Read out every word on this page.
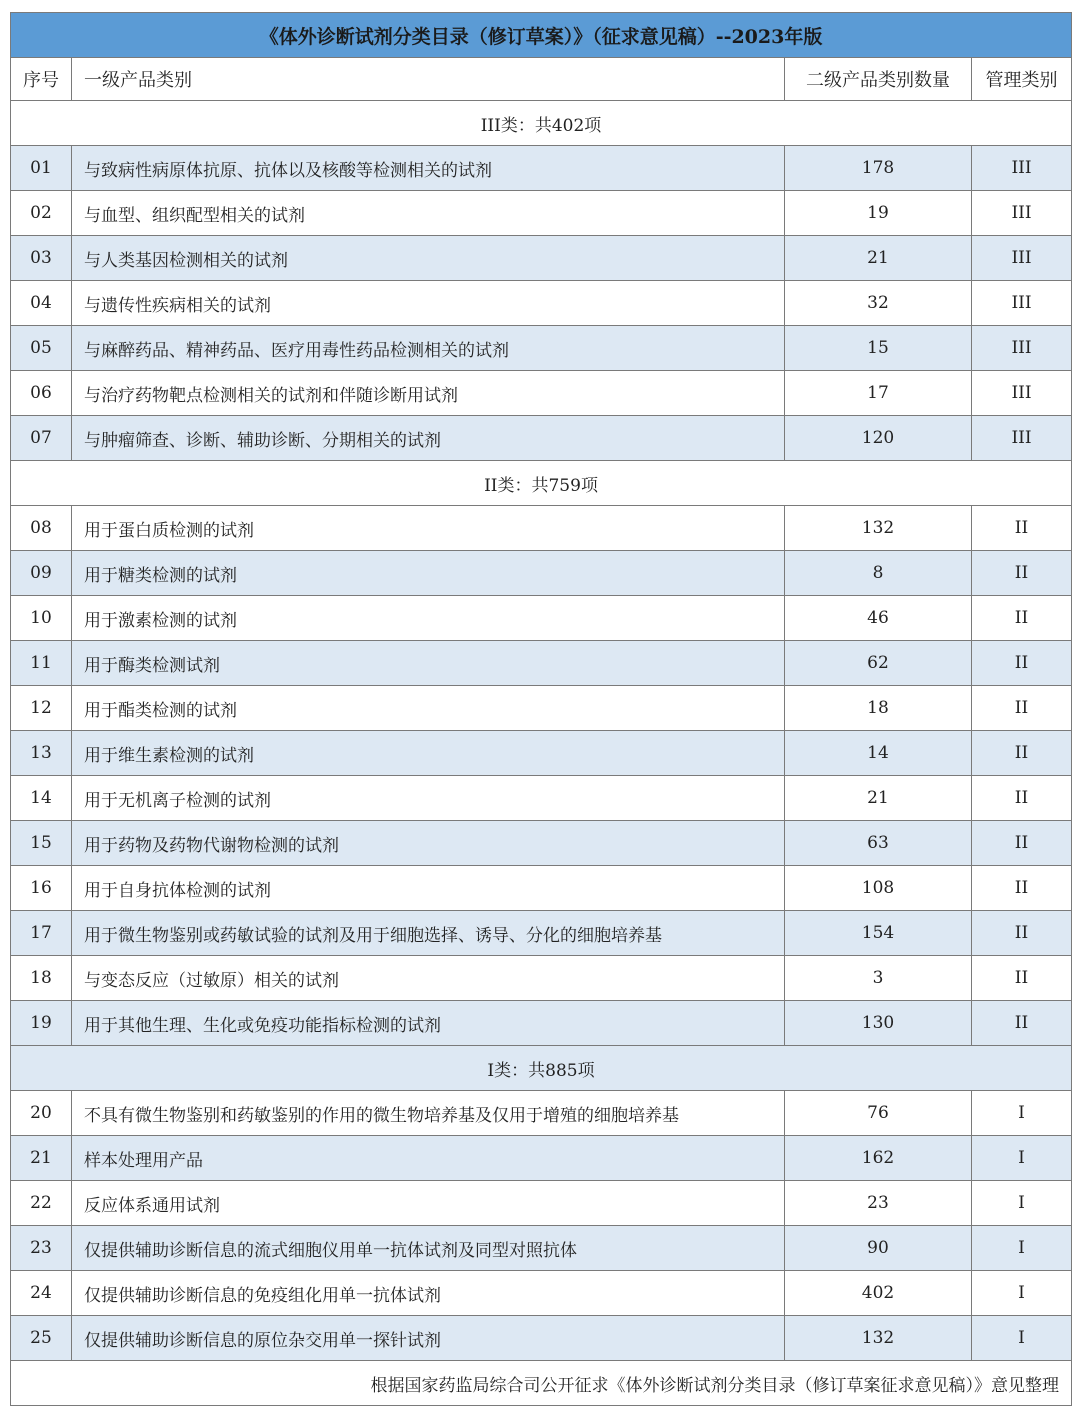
《体外诊断试剂分类目录（修订草案）》（征求意见稿）--2023年版			
序号	一级产品类别	二级产品类别数量	管理类别
III类：共402项			
01	与致病性病原体抗原、抗体以及核酸等检测相关的试剂	178	III
02	与血型、组织配型相关的试剂	19	III
03	与人类基因检测相关的试剂	21	III
04	与遗传性疾病相关的试剂	32	III
05	与麻醉药品、精神药品、医疗用毒性药品检测相关的试剂	15	III
06	与治疗药物靶点检测相关的试剂和伴随诊断用试剂	17	III
07	与肿瘤筛查、诊断、辅助诊断、分期相关的试剂	120	III
II类：共759项			
08	用于蛋白质检测的试剂	132	II
09	用于糖类检测的试剂	8	II
10	用于激素检测的试剂	46	II
11	用于酶类检测试剂	62	II
12	用于酯类检测的试剂	18	II
13	用于维生素检测的试剂	14	II
14	用于无机离子检测的试剂	21	II
15	用于药物及药物代谢物检测的试剂	63	II
16	用于自身抗体检测的试剂	108	II
17	用于微生物鉴别或药敏试验的试剂及用于细胞选择、诱导、分化的细胞培养基	154	II
18	与变态反应（过敏原）相关的试剂	3	II
19	用于其他生理、生化或免疫功能指标检测的试剂	130	II
I类：共885项			
20	不具有微生物鉴别和药敏鉴别的作用的微生物培养基及仅用于增殖的细胞培养基	76	I
21	样本处理用产品	162	I
22	反应体系通用试剂	23	I
23	仅提供辅助诊断信息的流式细胞仪用单一抗体试剂及同型对照抗体	90	I
24	仅提供辅助诊断信息的免疫组化用单一抗体试剂	402	I
25	仅提供辅助诊断信息的原位杂交用单一探针试剂	132	I
根据国家药监局综合司公开征求《体外诊断试剂分类目录（修订草案征求意见稿）》意见整理			
